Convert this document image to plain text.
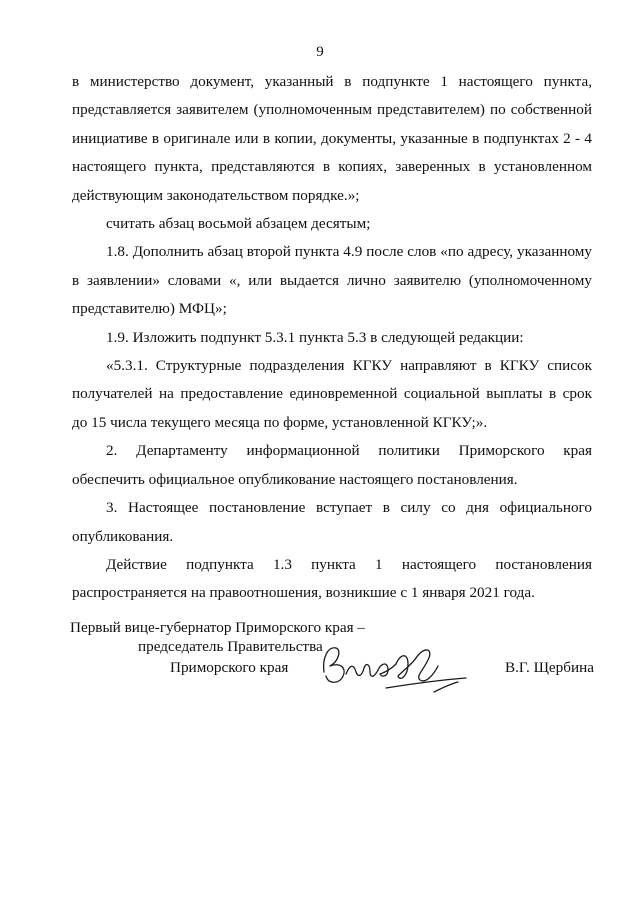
9

в министерство документ, указанный в подпункте 1 настоящего пункта, представляется заявителем (уполномоченным представителем) по собственной инициативе в оригинале или в копии, документы, указанные в подпунктах 2 - 4 настоящего пункта, представляются в копиях, заверенных в установленном действующим законодательством порядке.»;

считать абзац восьмой абзацем десятым;

1.8. Дополнить абзац второй пункта 4.9 после слов «по адресу, указанному в заявлении» словами «, или выдается лично заявителю (уполномоченному представителю) МФЦ»;

1.9. Изложить подпункт 5.3.1 пункта 5.3 в следующей редакции:

«5.3.1. Структурные подразделения КГКУ направляют в КГКУ список получателей на предоставление единовременной социальной выплаты в срок до 15 числа текущего месяца по форме, установленной КГКУ;».

2. Департаменту информационной политики Приморского края обеспечить официальное опубликование настоящего постановления.

3. Настоящее постановление вступает в силу со дня официального опубликования.

Действие подпункта 1.3 пункта 1 настоящего постановления распространяется на правоотношения, возникшие с 1 января 2021 года.

Первый вице-губернатор Приморского края –
председатель Правительства
Приморского края	В.Г. Щербина
